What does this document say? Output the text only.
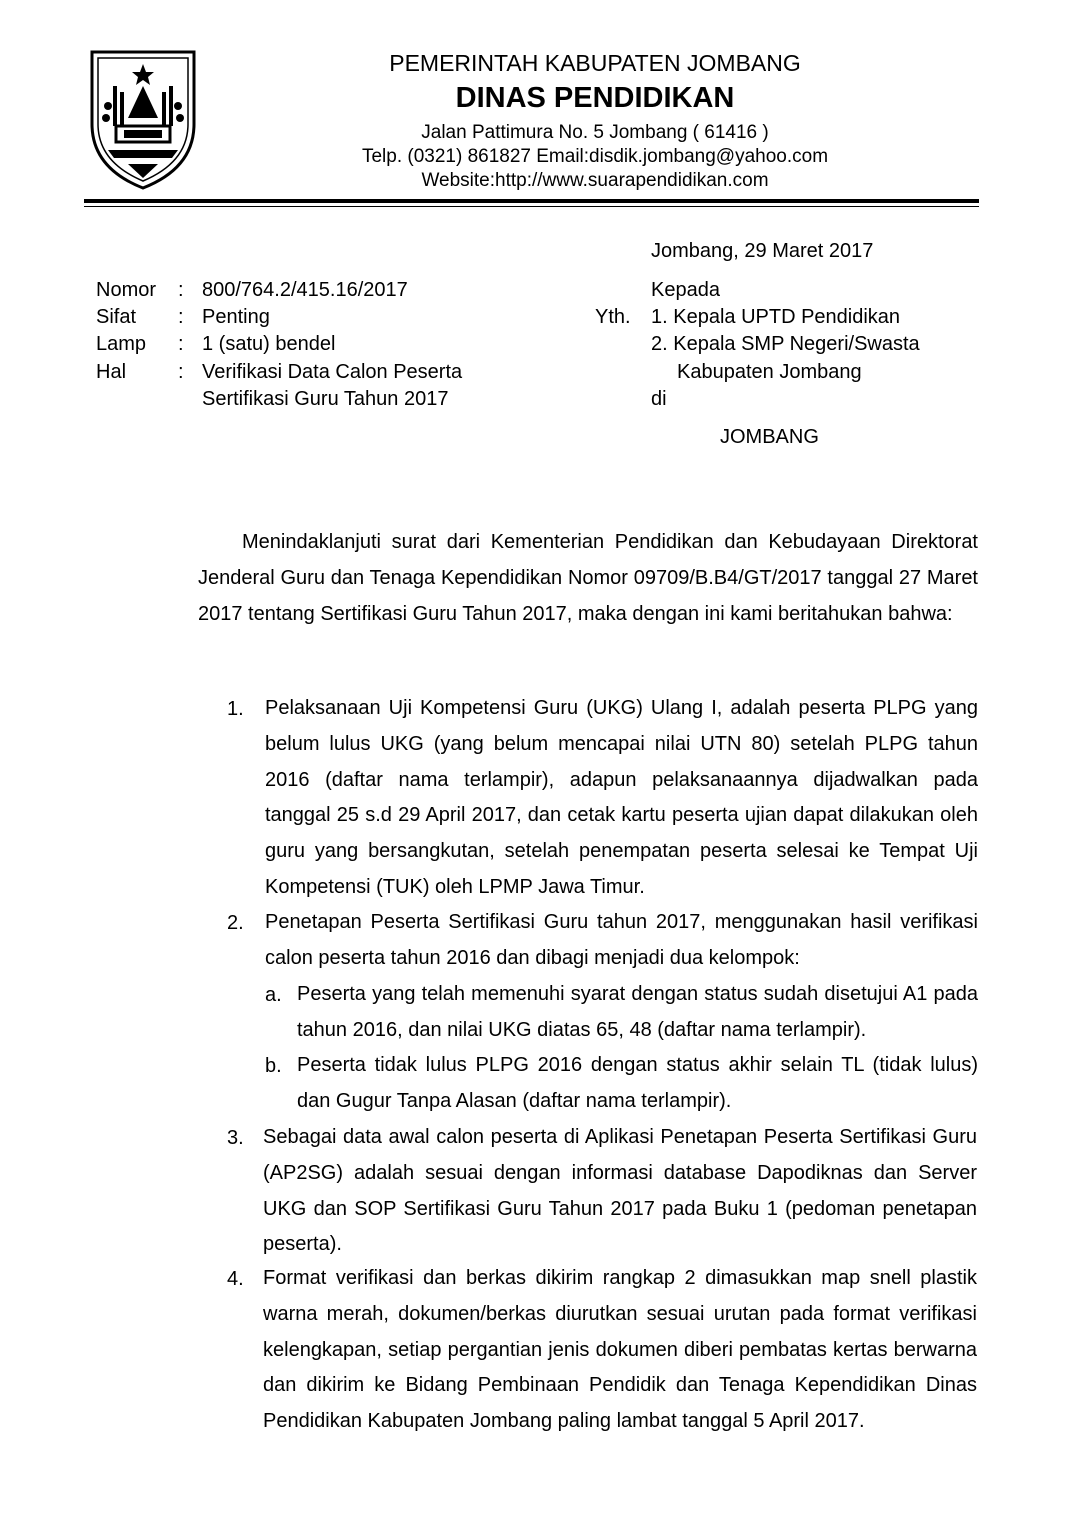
PEMERINTAH KABUPATEN JOMBANG
DINAS PENDIDIKAN
Jalan Pattimura No. 5 Jombang ( 61416 )
Telp. (0321) 861827 Email:disdik.jombang@yahoo.com
Website:http://www.suarapendidikan.com
Jombang, 29 Maret 2017
Nomor : 800/764.2/415.16/2017
Sifat : Penting
Lamp : 1 (satu) bendel
Hal	: Verifikasi Data Calon Peserta
Sertifikasi Guru Tahun 2017
Kepada
Yth. 1. Kepala UPTD Pendidikan
2. Kepala SMP Negeri/Swasta
Kabupaten Jombang
di
JOMBANG
Menindaklanjuti surat dari Kementerian Pendidikan dan Kebudayaan Direktorat Jenderal Guru dan Tenaga Kependidikan Nomor 09709/B.B4/GT/2017 tanggal 27 Maret 2017 tentang Sertifikasi Guru Tahun 2017, maka dengan ini kami beritahukan bahwa:
1. Pelaksanaan Uji Kompetensi Guru (UKG) Ulang I, adalah peserta PLPG yang belum lulus UKG (yang belum mencapai nilai UTN 80) setelah PLPG tahun 2016 (daftar nama terlampir), adapun pelaksanaannya dijadwalkan pada tanggal 25 s.d 29 April 2017, dan cetak kartu peserta ujian dapat dilakukan oleh guru yang bersangkutan, setelah penempatan peserta selesai ke Tempat Uji Kompetensi (TUK) oleh LPMP Jawa Timur.
2. Penetapan Peserta Sertifikasi Guru tahun 2017, menggunakan hasil verifikasi calon peserta tahun 2016 dan dibagi menjadi dua kelompok:
a. Peserta yang telah memenuhi syarat dengan status sudah disetujui A1 pada tahun 2016, dan nilai UKG diatas 65, 48 (daftar nama terlampir).
b. Peserta tidak lulus PLPG 2016 dengan status akhir selain TL (tidak lulus) dan Gugur Tanpa Alasan (daftar nama terlampir).
3. Sebagai data awal calon peserta di Aplikasi Penetapan Peserta Sertifikasi Guru (AP2SG) adalah sesuai dengan informasi database Dapodiknas dan Server UKG dan SOP Sertifikasi Guru Tahun 2017 pada Buku 1 (pedoman penetapan peserta).
4. Format verifikasi dan berkas dikirim rangkap 2 dimasukkan map snell plastik warna merah, dokumen/berkas diurutkan sesuai urutan pada format verifikasi kelengkapan, setiap pergantian jenis dokumen diberi pembatas kertas berwarna dan dikirim ke Bidang Pembinaan Pendidik dan Tenaga Kependidikan Dinas Pendidikan Kabupaten Jombang paling lambat tanggal 5 April 2017.
